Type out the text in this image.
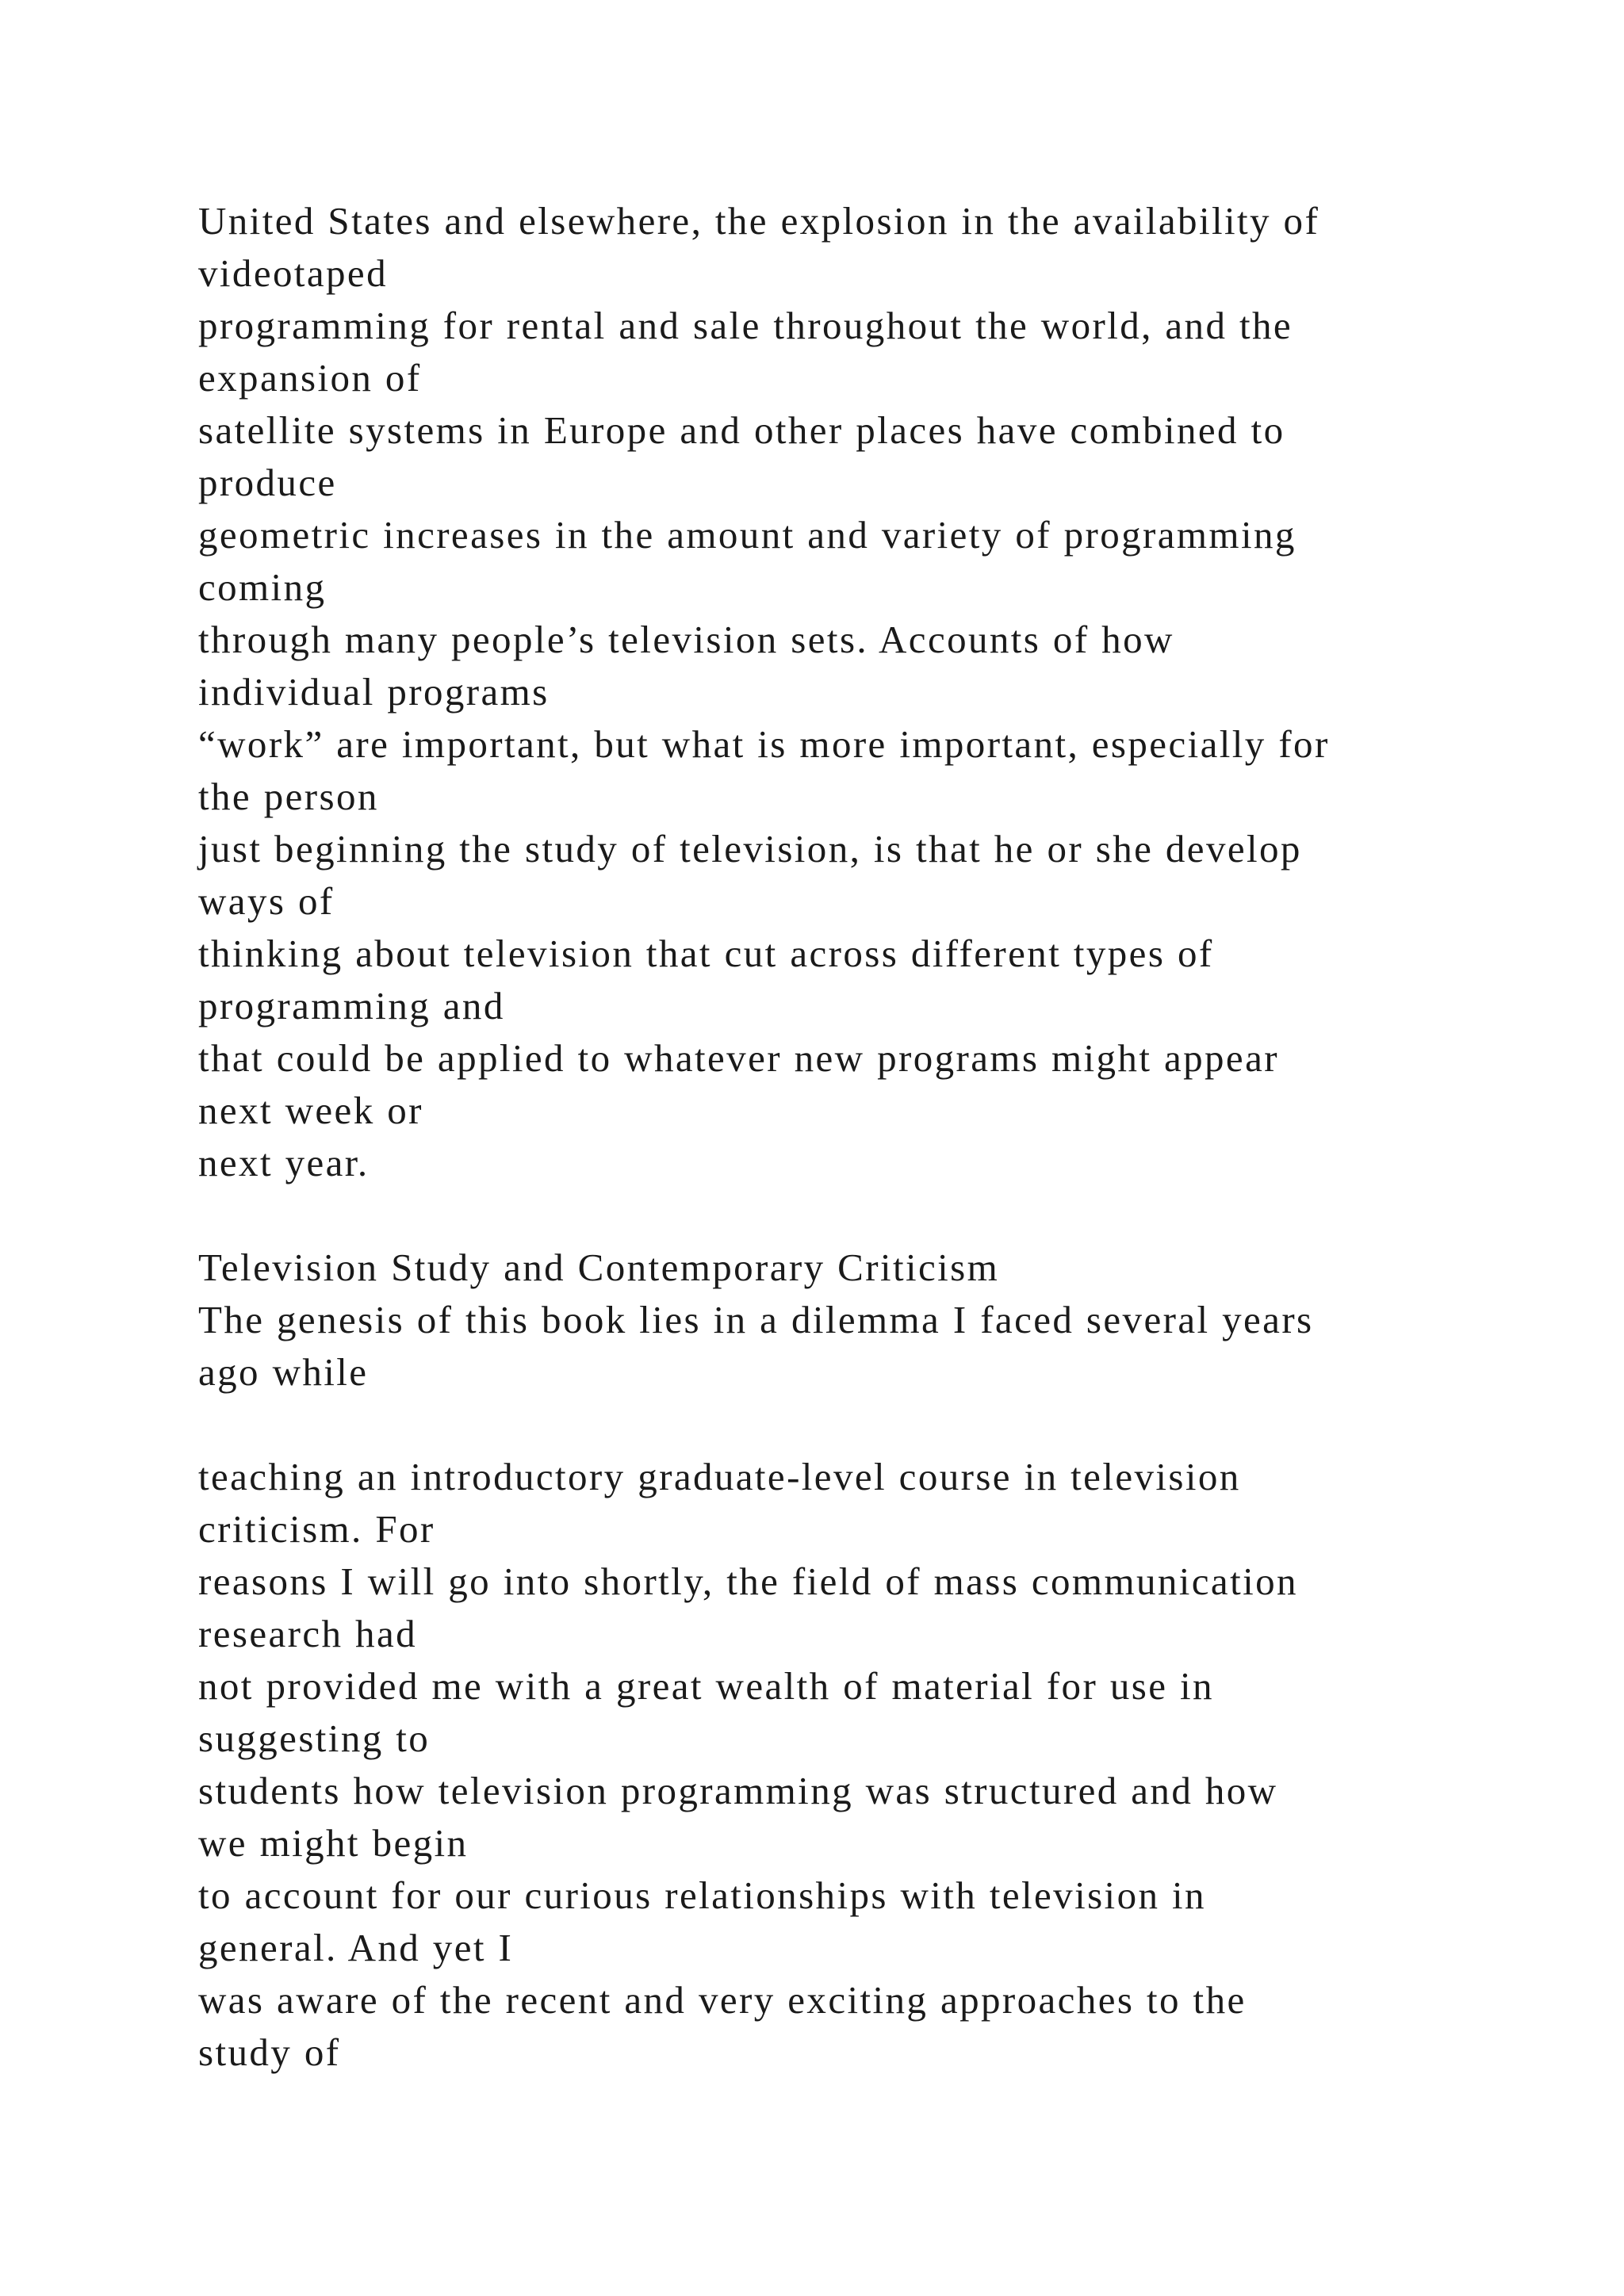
United States and elsewhere, the explosion in the availability of
videotaped
programming for rental and sale throughout the world, and the
expansion of
satellite systems in Europe and other places have combined to
produce
geometric increases in the amount and variety of programming
coming
through many people’s television sets. Accounts of how
individual programs
“work” are important, but what is more important, especially for
the person
just beginning the study of television, is that he or she develop
ways of
thinking about television that cut across different types of
programming and
that could be applied to whatever new programs might appear
next week or
next year.
Television Study and Contemporary Criticism
The genesis of this book lies in a dilemma I faced several years
ago while
teaching an introductory graduate-level course in television
criticism. For
reasons I will go into shortly, the field of mass communication
research had
not provided me with a great wealth of material for use in
suggesting to
students how television programming was structured and how
we might begin
to account for our curious relationships with television in
general. And yet I
was aware of the recent and very exciting approaches to the
study of
